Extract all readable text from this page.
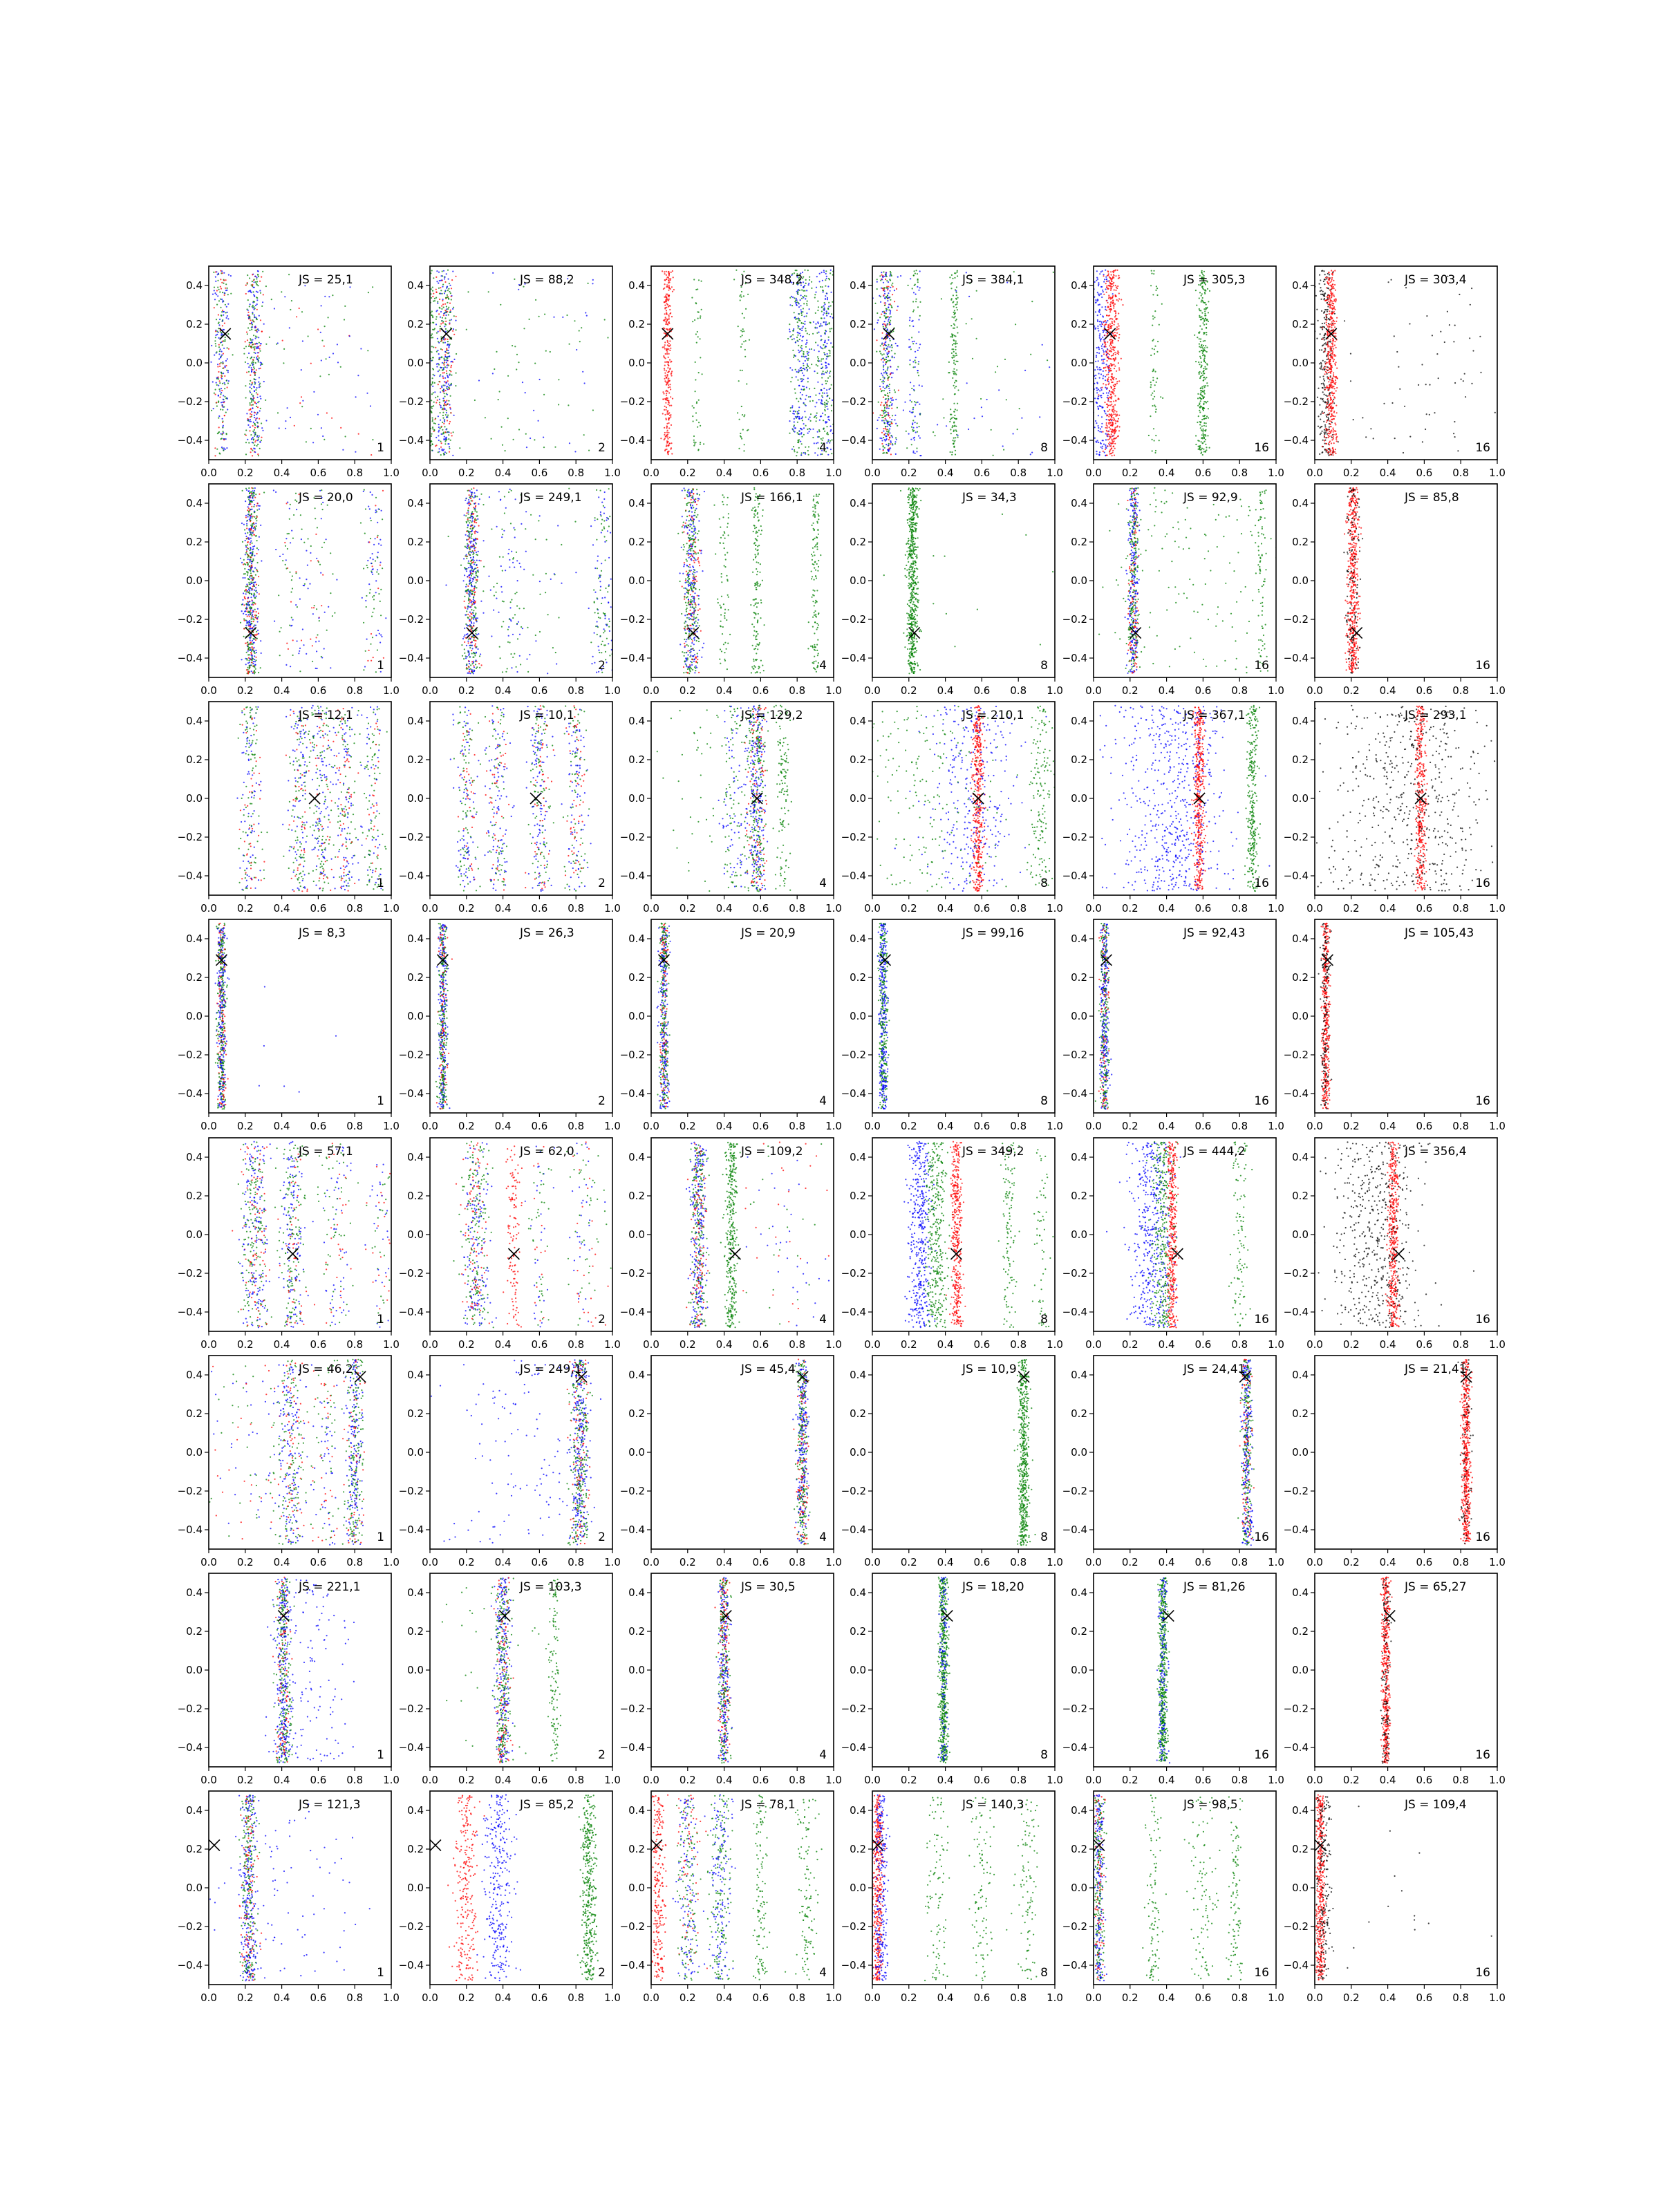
0.0 0.2 0.4 0.6 0.8 1.0
0.4
0.2
0.0
−0.2
−0.4
JS = 25,1
1
0.0 0.2 0.4 0.6 0.8 1.0
0.4
0.2
0.0
−0.2
−0.4
JS = 88,2
2
0.0 0.2 0.4 0.6 0.8 1.0
0.4
0.2
0.0
−0.2
−0.4
JS = 348,2
4
0.0 0.2 0.4 0.6 0.8 1.0
0.4
0.2
0.0
−0.2
−0.4
JS = 384,1
8
0.0 0.2 0.4 0.6 0.8 1.0
0.4
0.2
0.0
−0.2
−0.4
JS = 305,3
16
0.0 0.2 0.4 0.6 0.8 1.0
0.4
0.2
0.0
−0.2
−0.4
JS = 303,4
16
0.0 0.2 0.4 0.6 0.8 1.0
0.4
0.2
0.0
−0.2
−0.4
JS = 20,0
1
0.0 0.2 0.4 0.6 0.8 1.0
0.4
0.2
0.0
−0.2
−0.4
JS = 249,1
2
0.0 0.2 0.4 0.6 0.8 1.0
0.4
0.2
0.0
−0.2
−0.4
JS = 166,1
4
0.0 0.2 0.4 0.6 0.8 1.0
0.4
0.2
0.0
−0.2
−0.4
JS = 34,3
8
0.0 0.2 0.4 0.6 0.8 1.0
0.4
0.2
0.0
−0.2
−0.4
JS = 92,9
16
0.0 0.2 0.4 0.6 0.8 1.0
0.4
0.2
0.0
−0.2
−0.4
JS = 85,8
16
0.0 0.2 0.4 0.6 0.8 1.0
0.4
0.2
0.0
−0.2
−0.4
JS = 12,1
1
0.0 0.2 0.4 0.6 0.8 1.0
0.4
0.2
0.0
−0.2
−0.4
JS = 10,1
2
0.0 0.2 0.4 0.6 0.8 1.0
0.4
0.2
0.0
−0.2
−0.4
JS = 129,2
4
0.0 0.2 0.4 0.6 0.8 1.0
0.4
0.2
0.0
−0.2
−0.4
JS = 210,1
8
0.0 0.2 0.4 0.6 0.8 1.0
0.4
0.2
0.0
−0.2
−0.4
JS = 367,1
16
0.0 0.2 0.4 0.6 0.8 1.0
0.4
0.2
0.0
−0.2
−0.4
JS = 293,1
16
0.0 0.2 0.4 0.6 0.8 1.0
0.4
0.2
0.0
−0.2
−0.4
JS = 8,3
1
0.0 0.2 0.4 0.6 0.8 1.0
0.4
0.2
0.0
−0.2
−0.4
JS = 26,3
2
0.0 0.2 0.4 0.6 0.8 1.0
0.4
0.2
0.0
−0.2
−0.4
JS = 20,9
4
0.0 0.2 0.4 0.6 0.8 1.0
0.4
0.2
0.0
−0.2
−0.4
JS = 99,16
8
0.0 0.2 0.4 0.6 0.8 1.0
0.4
0.2
0.0
−0.2
−0.4
JS = 92,43
16
0.0 0.2 0.4 0.6 0.8 1.0
0.4
0.2
0.0
−0.2
−0.4
JS = 105,43
16
0.0 0.2 0.4 0.6 0.8 1.0
0.4
0.2
0.0
−0.2
−0.4
JS = 57,1
1
0.0 0.2 0.4 0.6 0.8 1.0
0.4
0.2
0.0
−0.2
−0.4
JS = 62,0
2
0.0 0.2 0.4 0.6 0.8 1.0
0.4
0.2
0.0
−0.2
−0.4
JS = 109,2
4
0.0 0.2 0.4 0.6 0.8 1.0
0.4
0.2
0.0
−0.2
−0.4
JS = 349,2
8
0.0 0.2 0.4 0.6 0.8 1.0
0.4
0.2
0.0
−0.2
−0.4
JS = 444,2
16
0.0 0.2 0.4 0.6 0.8 1.0
0.4
0.2
0.0
−0.2
−0.4
JS = 356,4
16
0.0 0.2 0.4 0.6 0.8 1.0
0.4
0.2
0.0
−0.2
−0.4
JS = 46,2
1
0.0 0.2 0.4 0.6 0.8 1.0
0.4
0.2
0.0
−0.2
−0.4
JS = 249,1
2
0.0 0.2 0.4 0.6 0.8 1.0
0.4
0.2
0.0
−0.2
−0.4
JS = 45,4
4
0.0 0.2 0.4 0.6 0.8 1.0
0.4
0.2
0.0
−0.2
−0.4
JS = 10,9
8
0.0 0.2 0.4 0.6 0.8 1.0
0.4
0.2
0.0
−0.2
−0.4
JS = 24,41
16
0.0 0.2 0.4 0.6 0.8 1.0
0.4
0.2
0.0
−0.2
−0.4
JS = 21,41
16
0.0 0.2 0.4 0.6 0.8 1.0
0.4
0.2
0.0
−0.2
−0.4
JS = 221,1
1
0.0 0.2 0.4 0.6 0.8 1.0
0.4
0.2
0.0
−0.2
−0.4
JS = 103,3
2
0.0 0.2 0.4 0.6 0.8 1.0
0.4
0.2
0.0
−0.2
−0.4
JS = 30,5
4
0.0 0.2 0.4 0.6 0.8 1.0
0.4
0.2
0.0
−0.2
−0.4
JS = 18,20
8
0.0 0.2 0.4 0.6 0.8 1.0
0.4
0.2
0.0
−0.2
−0.4
JS = 81,26
16
0.0 0.2 0.4 0.6 0.8 1.0
0.4
0.2
0.0
−0.2
−0.4
JS = 65,27
16
0.0 0.2 0.4 0.6 0.8 1.0
0.4
0.2
0.0
−0.2
−0.4
JS = 121,3
1
0.0 0.2 0.4 0.6 0.8 1.0
0.4
0.2
0.0
−0.2
−0.4
JS = 85,2
2
0.0 0.2 0.4 0.6 0.8 1.0
0.4
0.2
0.0
−0.2
−0.4
JS = 78,1
4
0.0 0.2 0.4 0.6 0.8 1.0
0.4
0.2
0.0
−0.2
−0.4
JS = 140,3
8
0.0 0.2 0.4 0.6 0.8 1.0
0.4
0.2
0.0
−0.2
−0.4
JS = 98,5
16
0.0 0.2 0.4 0.6 0.8 1.0
0.4
0.2
0.0
−0.2
−0.4
JS = 109,4
16
